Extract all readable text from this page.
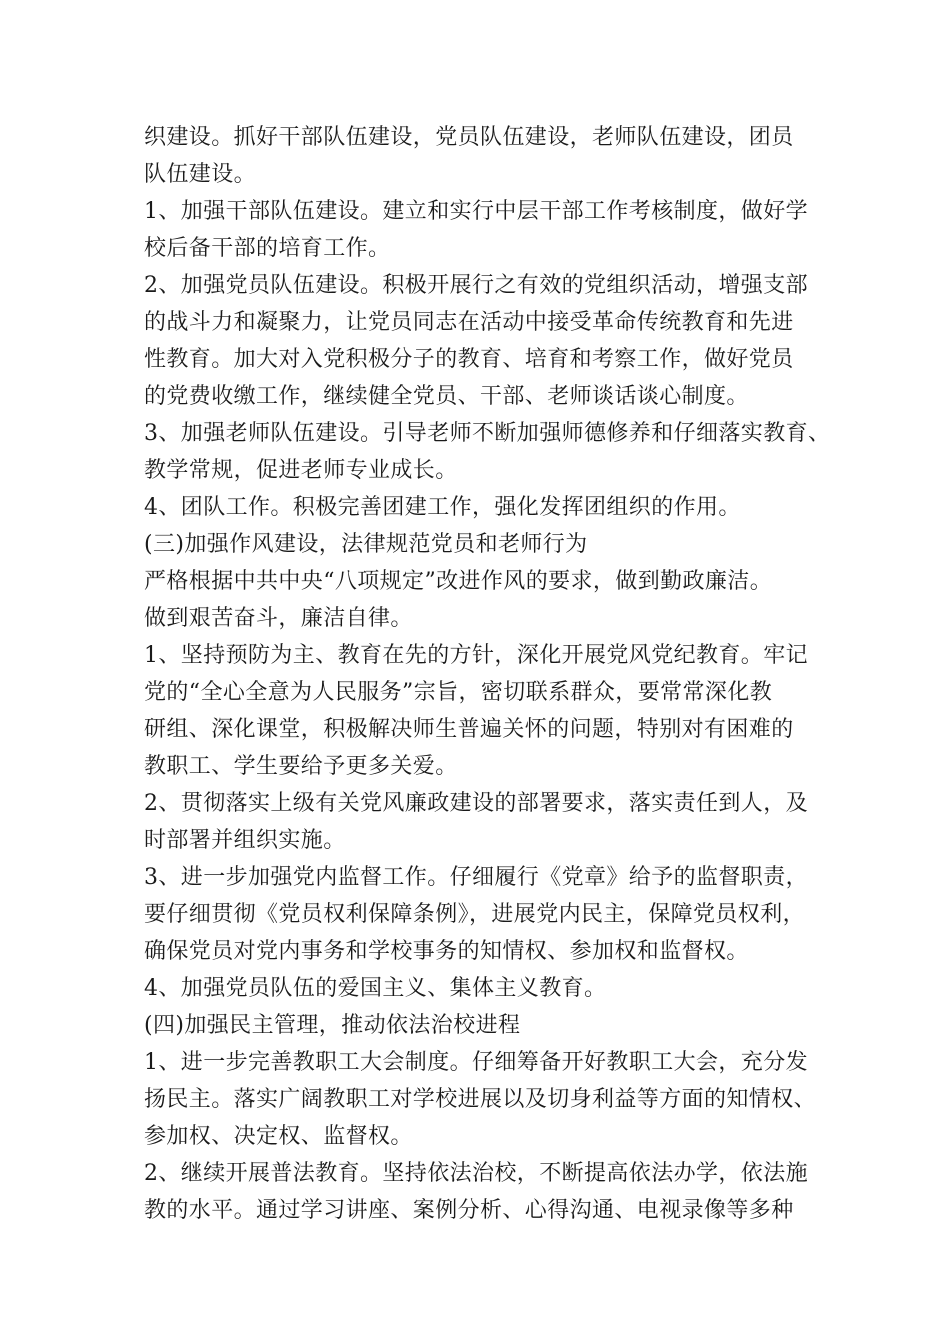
织建设。抓好干部队伍建设，党员队伍建设，老师队伍建设，团员
队伍建设。
1、加强干部队伍建设。建立和实行中层干部工作考核制度，做好学
校后备干部的培育工作。
2、加强党员队伍建设。积极开展行之有效的党组织活动，增强支部
的战斗力和凝聚力，让党员同志在活动中接受革命传统教育和先进
性教育。加大对入党积极分子的教育、培育和考察工作，做好党员
的党费收缴工作，继续健全党员、干部、老师谈话谈心制度。
3、加强老师队伍建设。引导老师不断加强师德修养和仔细落实教育、
教学常规，促进老师专业成长。
4、团队工作。积极完善团建工作，强化发挥团组织的作用。
(三)加强作风建设，法律规范党员和老师行为
严格根据中共中央“八项规定”改进作风的要求，做到勤政廉洁。
做到艰苦奋斗，廉洁自律。
1、坚持预防为主、教育在先的方针，深化开展党风党纪教育。牢记
党的“全心全意为人民服务”宗旨，密切联系群众，要常常深化教
研组、深化课堂，积极解决师生普遍关怀的问题，特别对有困难的
教职工、学生要给予更多关爱。
2、贯彻落实上级有关党风廉政建设的部署要求，落实责任到人，及
时部署并组织实施。
3、进一步加强党内监督工作。仔细履行《党章》给予的监督职责，
要仔细贯彻《党员权利保障条例》，进展党内民主，保障党员权利，
确保党员对党内事务和学校事务的知情权、参加权和监督权。
4、加强党员队伍的爱国主义、集体主义教育。
(四)加强民主管理，推动依法治校进程
1、进一步完善教职工大会制度。仔细筹备开好教职工大会，充分发
扬民主。落实广阔教职工对学校进展以及切身利益等方面的知情权、
参加权、决定权、监督权。
2、继续开展普法教育。坚持依法治校，不断提高依法办学，依法施
教的水平。通过学习讲座、案例分析、心得沟通、电视录像等多种
